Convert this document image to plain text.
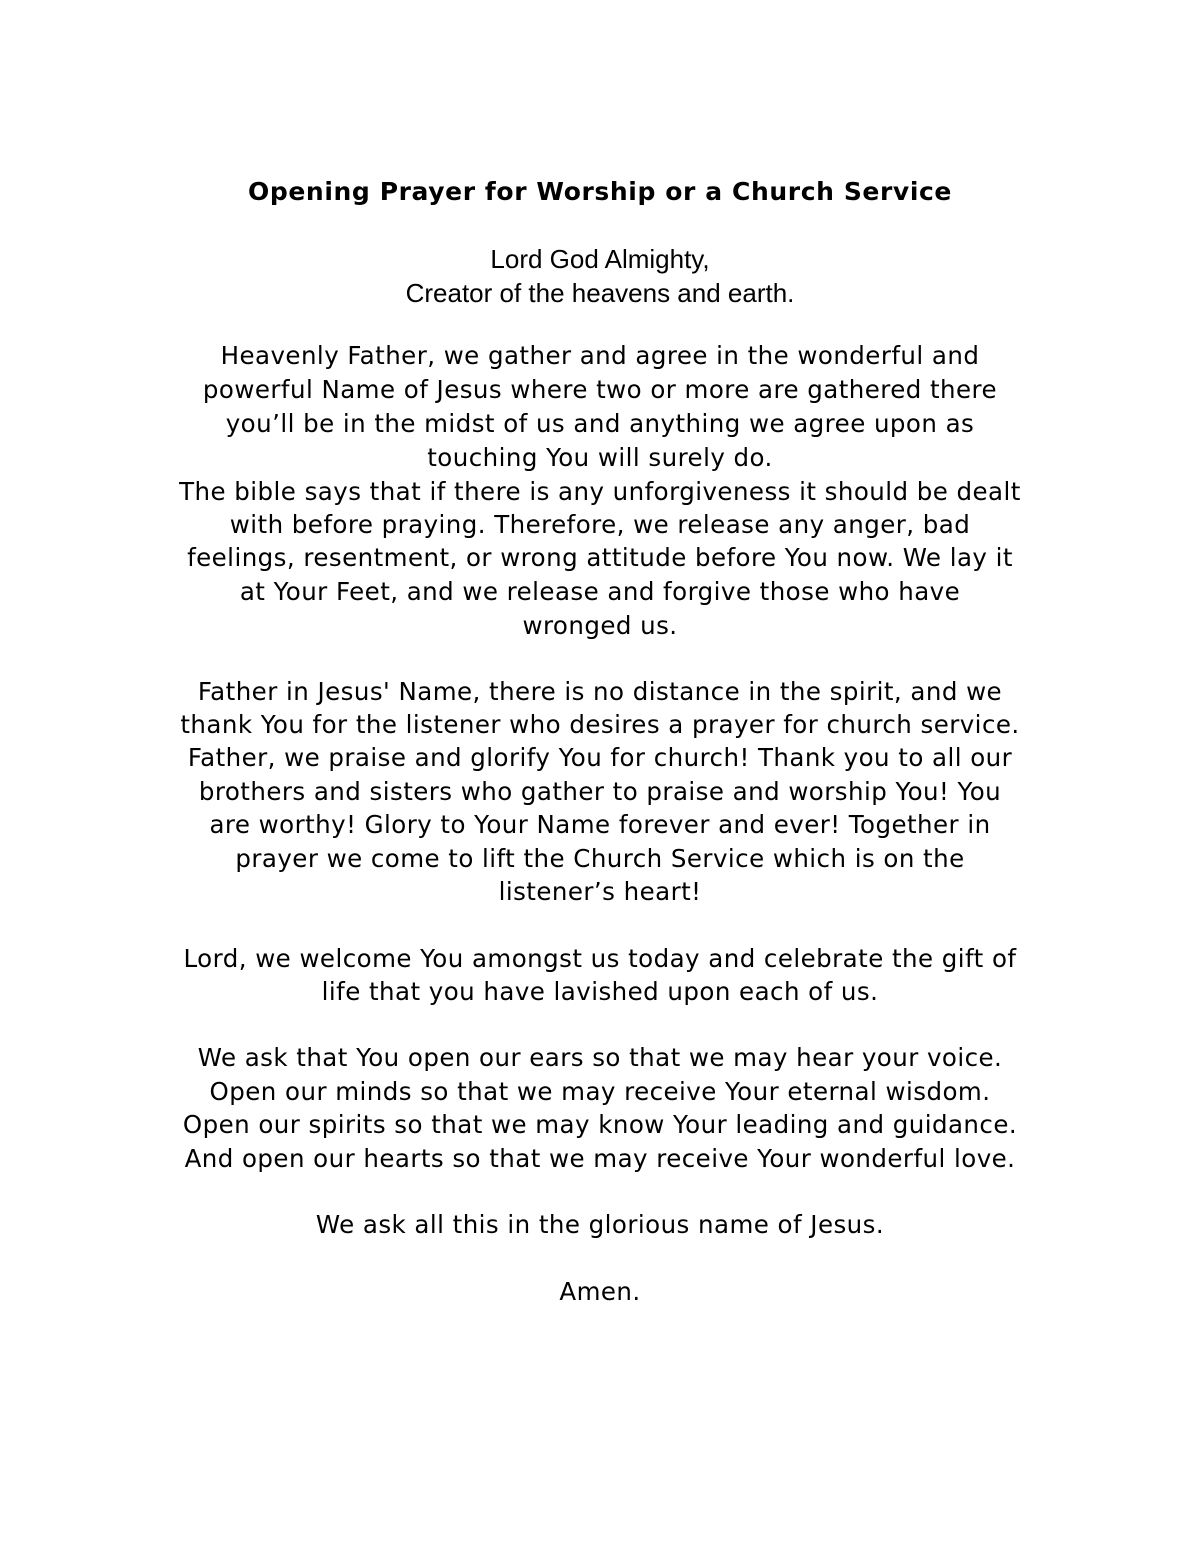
Opening Prayer for Worship or a Church Service

Lord God Almighty,

Creator of the heavens and earth.

Heavenly Father, we gather and agree in the wonderful and

powerful Name of Jesus where two or more are gathered there

you’ll be in the midst of us and anything we agree upon as

touching You will surely do.

The bible says that if there is any unforgiveness it should be dealt

with before praying. Therefore, we release any anger, bad

feelings, resentment, or wrong attitude before You now. We lay it

at Your Feet, and we release and forgive those who have

wronged us.

Father in Jesus' Name, there is no distance in the spirit, and we

thank You for the listener who desires a prayer for church service.

Father, we praise and glorify You for church! Thank you to all our

brothers and sisters who gather to praise and worship You! You

are worthy! Glory to Your Name forever and ever! Together in

prayer we come to lift the Church Service which is on the

listener’s heart!

Lord, we welcome You amongst us today and celebrate the gift of

life that you have lavished upon each of us.

We ask that You open our ears so that we may hear your voice.

Open our minds so that we may receive Your eternal wisdom.

Open our spirits so that we may know Your leading and guidance.

And open our hearts so that we may receive Your wonderful love.

We ask all this in the glorious name of Jesus.

Amen.
